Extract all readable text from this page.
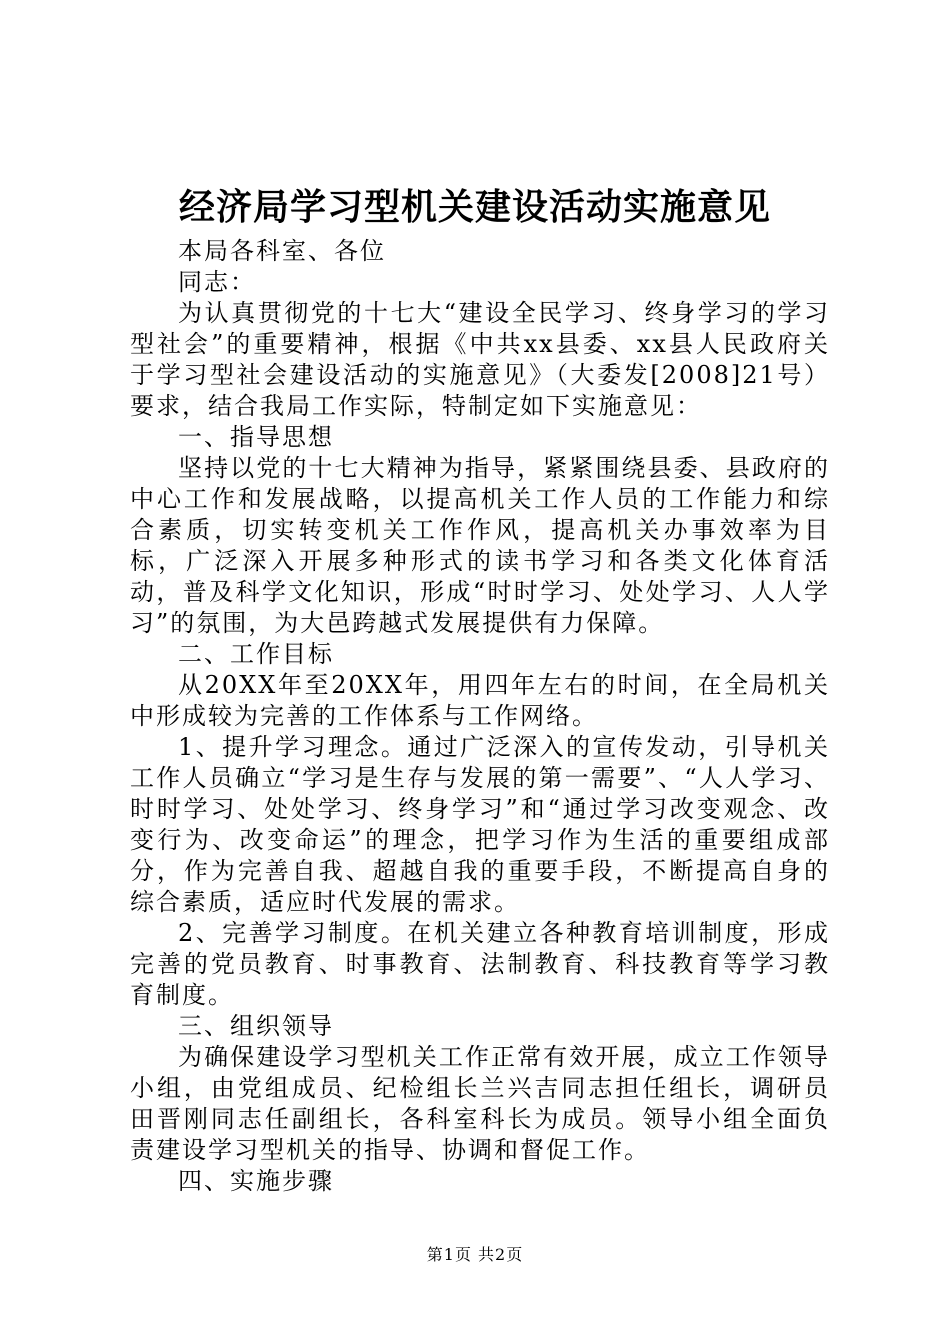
经济局学习型机关建设活动实施意见

本局各科室、各位

同志：

为认真贯彻党的十七大“建设全民学习、终身学习的学习型社会”的重要精神，根据《中共xx县委、xx县人民政府关于学习型社会建设活动的实施意见》（大委发[2008]21号）要求，结合我局工作实际，特制定如下实施意见：

一、指导思想

坚持以党的十七大精神为指导，紧紧围绕县委、县政府的中心工作和发展战略，以提高机关工作人员的工作能力和综合素质，切实转变机关工作作风，提高机关办事效率为目标，广泛深入开展多种形式的读书学习和各类文化体育活动，普及科学文化知识，形成“时时学习、处处学习、人人学习”的氛围，为大邑跨越式发展提供有力保障。

二、工作目标

从20XX年至20XX年，用四年左右的时间，在全局机关中形成较为完善的工作体系与工作网络。

1、提升学习理念。通过广泛深入的宣传发动，引导机关工作人员确立“学习是生存与发展的第一需要”、“人人学习、时时学习、处处学习、终身学习”和“通过学习改变观念、改变行为、改变命运”的理念，把学习作为生活的重要组成部分，作为完善自我、超越自我的重要手段，不断提高自身的综合素质，适应时代发展的需求。

2、完善学习制度。在机关建立各种教育培训制度，形成完善的党员教育、时事教育、法制教育、科技教育等学习教育制度。

三、组织领导

为确保建设学习型机关工作正常有效开展，成立工作领导小组，由党组成员、纪检组长兰兴吉同志担任组长，调研员田晋刚同志任副组长，各科室科长为成员。领导小组全面负责建设学习型机关的指导、协调和督促工作。

四、实施步骤

第1页 共2页
